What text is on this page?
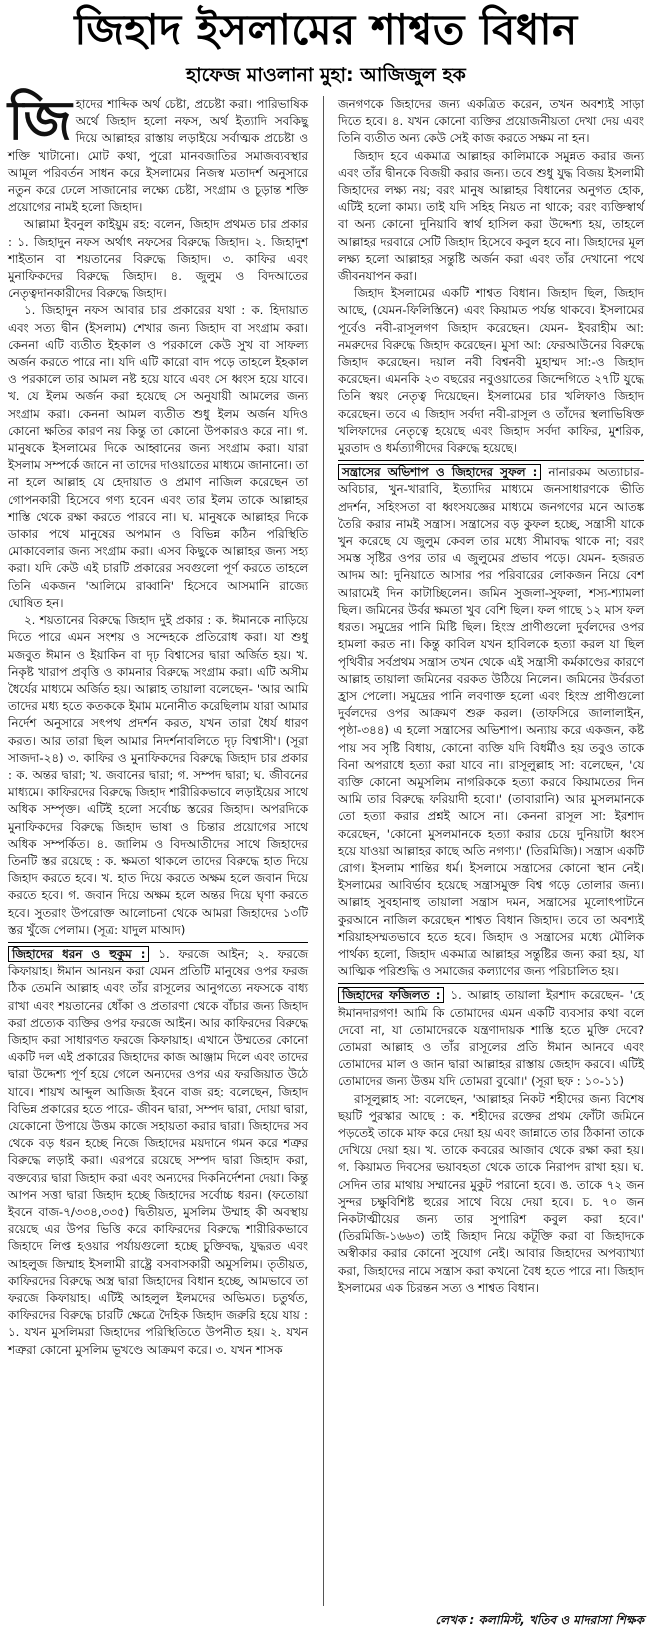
জিহাদ ইসলামের শাশ্বত বিধান
হাফেজ মাওলানা মুহা: আজিজুল হক

জিহাদের শাব্দিক অর্থ চেষ্টা, প্রচেষ্টা করা। পারিভাষিক অর্থে জিহাদ হলো নফস, অর্থ ইত্যাদি সবকিছু দিয়ে আল্লাহর রাস্তায় লড়াইয়ে সর্বাত্মক প্রচেষ্টা ও শক্তি খাটানো। মোট কথা, পুরো মানবজাতির সমাজব্যবস্থার আমূল পরিবর্তন সাধন করে ইসলামের নিজস্ব মতাদর্শ অনুসারে নতুন করে ঢেলে সাজানোর লক্ষ্যে চেষ্টা, সংগ্রাম ও চূড়ান্ত শক্তি প্রয়োগের নামই হলো জিহাদ।

আল্লামা ইবনুল কাইয়ুম রহ: বলেন, জিহাদ প্রথমত চার প্রকার : ১. জিহাদুন নফস অর্থাৎ নফসের বিরুদ্ধে জিহাদ। ২. জিহাদুশ শাইতান বা শয়তানের বিরুদ্ধে জিহাদ। ৩. কাফির এবং মুনাফিকদের বিরুদ্ধে জিহাদ। ৪. জুলুম ও বিদআতের নেতৃত্বদানকারীদের বিরুদ্ধে জিহাদ।

১. জিহাদুন নফস আবার চার প্রকারের যথা : ক. হিদায়াত এবং সত্য দ্বীন (ইসলাম) শেখার জন্য জিহাদ বা সংগ্রাম করা। কেননা এটি ব্যতীত ইহকাল ও পরকালে কেউ সুখ বা সাফল্য অর্জন করতে পারে না। যদি এটি কারো বাদ পড়ে তাহলে ইহকাল ও পরকালে তার আমল নষ্ট হয়ে যাবে এবং সে ধ্বংস হয়ে যাবে। খ. যে ইলম অর্জন করা হয়েছে সে অনুযায়ী আমলের জন্য সংগ্রাম করা। কেননা আমল ব্যতীত শুধু ইলম অর্জন যদিও কোনো ক্ষতির কারণ নয় কিন্তু তা কোনো উপকারও করে না। গ. মানুষকে ইসলামের দিকে আহ্বানের জন্য সংগ্রাম করা। যারা ইসলাম সম্পর্কে জানে না তাদের দাওয়াতের মাধ্যমে জানানো। তা না হলে আল্লাহ যে হেদায়াত ও প্রমাণ নাজিল করেছেন তা গোপনকারী হিসেবে গণ্য হবেন এবং তার ইলম তাকে আল্লাহর শাস্তি থেকে রক্ষা করতে পারবে না। ঘ. মানুষকে আল্লাহর দিকে ডাকার পথে মানুষের অপমান ও বিভিন্ন কঠিন পরিস্থিতি মোকাবেলার জন্য সংগ্রাম করা। এসব কিছুকে আল্লাহর জন্য সহ্য করা। যদি কেউ এই চারটি প্রকারের সবগুলো পূর্ণ করতে তাহলে তিনি একজন 'আলিমে রাব্বানি' হিসেবে আসমানি রাজ্যে ঘোষিত হন।

২. শয়তানের বিরুদ্ধে জিহাদ দুই প্রকার : ক. ঈমানকে নাড়িয়ে দিতে পারে এমন সংশয় ও সন্দেহকে প্রতিরোধ করা। যা শুধু মজবুত ঈমান ও ইয়াকিন বা দৃঢ় বিশ্বাসের দ্বারা অর্জিত হয়। খ. নিকৃষ্ট খারাপ প্রবৃত্তি ও কামনার বিরুদ্ধে সংগ্রাম করা। এটি অসীম ধৈর্যের মাধ্যমে অর্জিত হয়। আল্লাহ তায়ালা বলেছেন- 'আর আমি তাদের মধ্য হতে কতককে ইমাম মনোনীত করেছিলাম যারা আমার নির্দেশ অনুসারে সৎপথ প্রদর্শন করত, যখন তারা ধৈর্য ধারণ করত। আর তারা ছিল আমার নিদর্শনাবলিতে দৃঢ় বিশ্বাসী'। (সূরা সাজদা-২৪) ৩. কাফির ও মুনাফিকদের বিরুদ্ধে জিহাদ চার প্রকার : ক. অন্তর দ্বারা; খ. জবানের দ্বারা; গ. সম্পদ দ্বারা; ঘ. জীবনের মাধ্যমে। কাফিরদের বিরুদ্ধে জিহাদ শারীরিকভাবে লড়াইয়ের সাথে অধিক সম্পৃক্ত। এটিই হলো সর্বোচ্চ স্তরের জিহাদ। অপরদিকে মুনাফিকদের বিরুদ্ধে জিহাদ ভাষা ও চিন্তার প্রয়োগের সাথে অধিক সম্পর্কিত। ৪. জালিম ও বিদআতীদের সাথে জিহাদের তিনটি স্তর রয়েছে : ক. ক্ষমতা থাকলে তাদের বিরুদ্ধে হাত দিয়ে জিহাদ করতে হবে। খ. হাত দিয়ে করতে অক্ষম হলে জবান দিয়ে করতে হবে। গ. জবান দিয়ে অক্ষম হলে অন্তর দিয়ে ঘৃণা করতে হবে। সুতরাং উপরোক্ত আলোচনা থেকে আমরা জিহাদের ১৩টি স্তর খুঁজে পেলাম। (সূত্র: যাদুল মাআদ)

জিহাদের ধরন ও হুকুম : ১. ফরজে আইন; ২. ফরজে কিফায়াহ। ঈমান আনয়ন করা যেমন প্রতিটি মানুষের ওপর ফরজ ঠিক তেমনি আল্লাহ এবং তাঁর রাসূলের আনুগত্যে নফসকে বাধ্য রাখা এবং শয়তানের ধোঁকা ও প্রতারণা থেকে বাঁচার জন্য জিহাদ করা প্রত্যেক ব্যক্তির ওপর ফরজে আইন। আর কাফিরদের বিরুদ্ধে জিহাদ করা সাধারণত ফরজে কিফায়াহ। এখানে উম্মতের কোনো একটি দল এই প্রকারের জিহাদের কাজ আঞ্জাম দিলে এবং তাদের দ্বারা উদ্দেশ্য পূর্ণ হয়ে গেলে অন্যদের ওপর এর ফরজিয়াত উঠে যাবে। শায়খ আব্দুল আজিজ ইবনে বাজ রহ: বলেছেন, জিহাদ বিভিন্ন প্রকারের হতে পারে- জীবন দ্বারা, সম্পদ দ্বারা, দোয়া দ্বারা, যেকোনো উপায়ে উত্তম কাজে সহায়তা করার দ্বারা। জিহাদের সব থেকে বড় ধরন হচ্ছে নিজে জিহাদের ময়দানে গমন করে শত্রুর বিরুদ্ধে লড়াই করা। এরপরে রয়েছে সম্পদ দ্বারা জিহাদ করা, বক্তব্যের দ্বারা জিহাদ করা এবং অন্যদের দিকনির্দেশনা দেয়া। কিন্তু আপন সত্তা দ্বারা জিহাদ হচ্ছে জিহাদের সর্বোচ্চ ধরন। (ফতোয়া ইবনে বাজ-৭/৩৩৪,৩৩৫) দ্বিতীয়ত, মুসলিম উম্মাহ কী অবস্থায় রয়েছে এর উপর ভিত্তি করে কাফিরদের বিরুদ্ধে শারীরিকভাবে জিহাদে লিপ্ত হওয়ার পর্যায়গুলো হচ্ছে চুক্তিবদ্ধ, যুদ্ধরত এবং আহলুজ জিম্মাহ ইসলামী রাষ্ট্রে বসবাসকারী অমুসলিম। তৃতীয়ত, কাফিরদের বিরুদ্ধে অস্ত্র দ্বারা জিহাদের বিধান হচ্ছে, আমভাবে তা ফরজে কিফায়াহ। এটিই আহলুল ইলমদের অভিমত। চতুর্থত, কাফিরদের বিরুদ্ধে চারটি ক্ষেত্রে দৈহিক জিহাদ জরুরি হয়ে যায় : ১. যখন মুসলিমরা জিহাদের পরিস্থিতিতে উপনীত হয়। ২. যখন শত্রুরা কোনো মুসলিম ভূখণ্ডে আক্রমণ করে। ৩. যখন শাসক

জনগণকে জিহাদের জন্য একত্রিত করেন, তখন অবশ্যই সাড়া দিতে হবে। ৪. যখন কোনো ব্যক্তির প্রয়োজনীয়তা দেখা দেয় এবং তিনি ব্যতীত অন্য কেউ সেই কাজ করতে সক্ষম না হন।

জিহাদ হবে একমাত্র আল্লাহর কালিমাকে সমুন্নত করার জন্য এবং তাঁর দ্বীনকে বিজয়ী করার জন্য। তবে শুধু যুদ্ধ বিজয় ইসলামী জিহাদের লক্ষ্য নয়; বরং মানুষ আল্লাহর বিধানের অনুগত হোক, এটিই হলো কাম্য। তাই যদি সহিহ নিয়ত না থাকে; বরং ব্যক্তিস্বার্থ বা অন্য কোনো দুনিয়াবি স্বার্থ হাসিল করা উদ্দেশ্য হয়, তাহলে আল্লাহর দরবারে সেটি জিহাদ হিসেবে কবুল হবে না। জিহাদের মূল লক্ষ্য হলো আল্লাহর সন্তুষ্টি অর্জন করা এবং তাঁর দেখানো পথে জীবনযাপন করা।

জিহাদ ইসলামের একটি শাশ্বত বিধান। জিহাদ ছিল, জিহাদ আছে, (যেমন-ফিলিস্তিনে) এবং কিয়ামত পর্যন্ত থাকবে। ইসলামের পূর্বেও নবী-রাসূলগণ জিহাদ করেছেন। যেমন- ইবরাহীম আ: নমরুদের বিরুদ্ধে জিহাদ করেছেন। মুসা আ: ফেরআউনের বিরুদ্ধে জিহাদ করেছেন। দয়াল নবী বিশ্বনবী মুহাম্মদ সা:-ও জিহাদ করেছেন। এমনকি ২৩ বছরের নবুওয়াতের জিন্দেগিতে ২৭টি যুদ্ধে তিনি স্বয়ং নেতৃত্ব দিয়েছেন। ইসলামের চার খলিফাও জিহাদ করেছেন। তবে এ জিহাদ সর্বদা নবী-রাসূল ও তাঁদের স্থলাভিষিক্ত খলিফাদের নেতৃত্বে হয়েছে এবং জিহাদ সর্বদা কাফির, মুশরিক, মুরতাদ ও ধর্মত্যাগীদের বিরুদ্ধে হয়েছে।

সন্ত্রাসের অভিশাপ ও জিহাদের সুফল : নানারকম অত্যাচার-অবিচার, খুন-খারাবি, ইত্যাদির মাধ্যমে জনসাধারণকে ভীতি প্রদর্শন, সহিংসতা বা ধ্বংসযজ্ঞের মাধ্যমে জনগণের মনে আতঙ্ক তৈরি করার নামই সন্ত্রাস। সন্ত্রাসের বড় কুফল হচ্ছে, সন্ত্রাসী যাকে খুন করেছে যে জুলুম কেবল তার মধ্যে সীমাবদ্ধ থাকে না; বরং সমস্ত সৃষ্টির ওপর তার এ জুলুমের প্রভাব পড়ে। যেমন- হজরত আদম আ: দুনিয়াতে আসার পর পরিবারের লোকজন নিয়ে বেশ আরামেই দিন কাটাচ্ছিলেন। জমিন সুজলা-সুফলা, শস্য-শ্যামলা ছিল। জমিনের উর্বর ক্ষমতা খুব বেশি ছিল। ফল গাছে ১২ মাস ফল ধরত। সমুদ্রের পানি মিষ্টি ছিল। হিংস্র প্রাণীগুলো দুর্বলদের ওপর হামলা করত না। কিন্তু কাবিল যখন হাবিলকে হত্যা করল যা ছিল পৃথিবীর সর্বপ্রথম সন্ত্রাস তখন থেকে এই সন্ত্রাসী কর্মকাণ্ডের কারণে আল্লাহ তায়ালা জমিনের বরকত উঠিয়ে নিলেন। জমিনের উর্বরতা হ্রাস পেলো। সমুদ্রের পানি লবণাক্ত হলো এবং হিংস্র প্রাণীগুলো দুর্বলদের ওপর আক্রমণ শুরু করল। (তাফসিরে জালালাইন, পৃষ্ঠা-৩৪৪) এ হলো সন্ত্রাসের অভিশাপ। অন্যায় করে একজন, কষ্ট পায় সব সৃষ্টি বিধায়, কোনো ব্যক্তি যদি বিধর্মীও হয় তবুও তাকে বিনা অপরাধে হত্যা করা যাবে না। রাসূলুল্লাহ সা: বলেছেন, 'যে ব্যক্তি কোনো অমুসলিম নাগরিককে হত্যা করবে কিয়ামতের দিন আমি তার বিরুদ্ধে ফরিয়াদী হবো।' (তাবারানি) আর মুসলমানকে তো হত্যা করার প্রশ্নই আসে না। কেননা রাসূল সা: ইরশাদ করেছেন, 'কোনো মুসলমানকে হত্যা করার চেয়ে দুনিয়াটা ধ্বংস হয়ে যাওয়া আল্লাহর কাছে অতি নগণ্য।' (তিরমিজি)। সন্ত্রাস একটি রোগ। ইসলাম শান্তির ধর্ম। ইসলামে সন্ত্রাসের কোনো স্থান নেই। ইসলামের আবির্ভাব হয়েছে সন্ত্রাসমুক্ত বিশ্ব গড়ে তোলার জন্য। আল্লাহ সুবহানাহু তায়ালা সন্ত্রাস দমন, সন্ত্রাসের মূলোৎপাটনে কুরআনে নাজিল করেছেন শাশ্বত বিধান জিহাদ। তবে তা অবশ্যই শরিয়াহসম্মতভাবে হতে হবে। জিহাদ ও সন্ত্রাসের মধ্যে মৌলিক পার্থক্য হলো, জিহাদ একমাত্র আল্লাহর সন্তুষ্টির জন্য করা হয়, যা আত্মিক পরিশুদ্ধি ও সমাজের কল্যাণের জন্য পরিচালিত হয়।

জিহাদের ফজিলত : ১. আল্লাহ তায়ালা ইরশাদ করেছেন- 'হে ঈমানদারগণ! আমি কি তোমাদের এমন একটি ব্যবসার কথা বলে দেবো না, যা তোমাদেরকে যন্ত্রণাদায়ক শাস্তি হতে মুক্তি দেবে? তোমরা আল্লাহ ও তাঁর রাসূলের প্রতি ঈমান আনবে এবং তোমাদের মাল ও জান দ্বারা আল্লাহর রাস্তায় জেহাদ করবে। এটিই তোমাদের জন্য উত্তম যদি তোমরা বুঝো।' (সূরা ছফ : ১০-১১)

রাসূলুল্লাহ সা: বলেছেন, 'আল্লাহর নিকট শহীদের জন্য বিশেষ ছয়টি পুরস্কার আছে : ক. শহীদের রক্তের প্রথম ফোঁটা জমিনে পড়তেই তাকে মাফ করে দেয়া হয় এবং জান্নাতে তার ঠিকানা তাকে দেখিয়ে দেয়া হয়। খ. তাকে কবরের আজাব থেকে রক্ষা করা হয়। গ. কিয়ামত দিবসের ভয়াবহতা থেকে তাকে নিরাপদ রাখা হয়। ঘ. সেদিন তার মাথায় সম্মানের মুকুট পরানো হবে। ঙ. তাকে ৭২ জন সুন্দর চক্ষুবিশিষ্ট হুরের সাথে বিয়ে দেয়া হবে। চ. ৭০ জন নিকটাত্মীয়ের জন্য তার সুপারিশ কবুল করা হবে।' (তিরমিজি-১৬৬৩) তাই জিহাদ নিয়ে কটূক্তি করা বা জিহাদকে অস্বীকার করার কোনো সুযোগ নেই। আবার জিহাদের অপব্যাখ্যা করা, জিহাদের নামে সন্ত্রাস করা কখনো বৈধ হতে পারে না। জিহাদ ইসলামের এক চিরন্তন সত্য ও শাশ্বত বিধান।

লেখক : কলামিস্ট, খতিব ও মাদরাসা শিক্ষক
